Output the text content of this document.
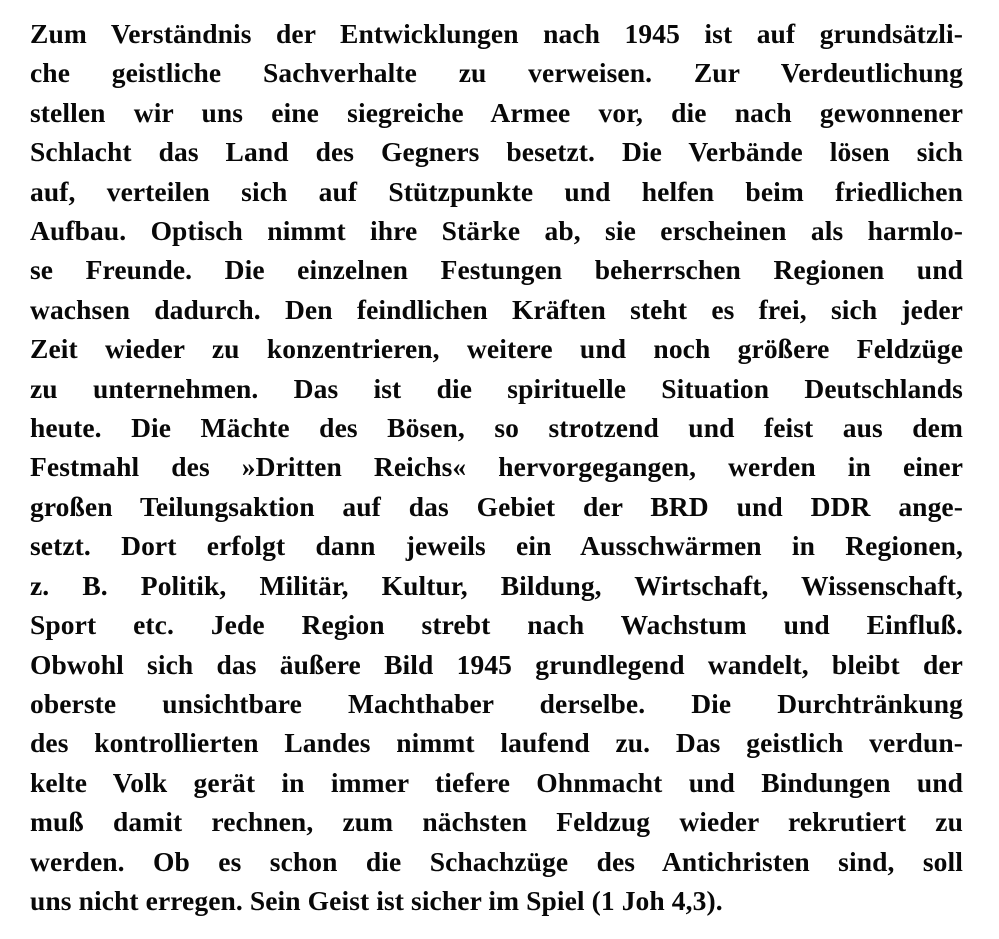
Zum Verständnis der Entwicklungen nach 1945 ist auf grundsätzli-
che geistliche Sachverhalte zu verweisen. Zur Verdeutlichung
stellen wir uns eine siegreiche Armee vor, die nach gewonnener
Schlacht das Land des Gegners besetzt. Die Verbände lösen sich
auf, verteilen sich auf Stützpunkte und helfen beim friedlichen
Aufbau. Optisch nimmt ihre Stärke ab, sie erscheinen als harmlo-
se Freunde. Die einzelnen Festungen beherrschen Regionen und
wachsen dadurch. Den feindlichen Kräften steht es frei, sich jeder
Zeit wieder zu konzentrieren, weitere und noch größere Feldzüge
zu unternehmen. Das ist die spirituelle Situation Deutschlands
heute. Die Mächte des Bösen, so strotzend und feist aus dem
Festmahl des »Dritten Reichs« hervorgegangen, werden in einer
großen Teilungsaktion auf das Gebiet der BRD und DDR ange-
setzt. Dort erfolgt dann jeweils ein Ausschwärmen in Regionen,
z. B. Politik, Militär, Kultur, Bildung, Wirtschaft, Wissenschaft,
Sport etc. Jede Region strebt nach Wachstum und Einfluß.
Obwohl sich das äußere Bild 1945 grundlegend wandelt, bleibt der
oberste unsichtbare Machthaber derselbe. Die Durchtränkung
des kontrollierten Landes nimmt laufend zu. Das geistlich verdun-
kelte Volk gerät in immer tiefere Ohnmacht und Bindungen und
muß damit rechnen, zum nächsten Feldzug wieder rekrutiert zu
werden. Ob es schon die Schachzüge des Antichristen sind, soll
uns nicht erregen. Sein Geist ist sicher im Spiel (1 Joh 4,3).
